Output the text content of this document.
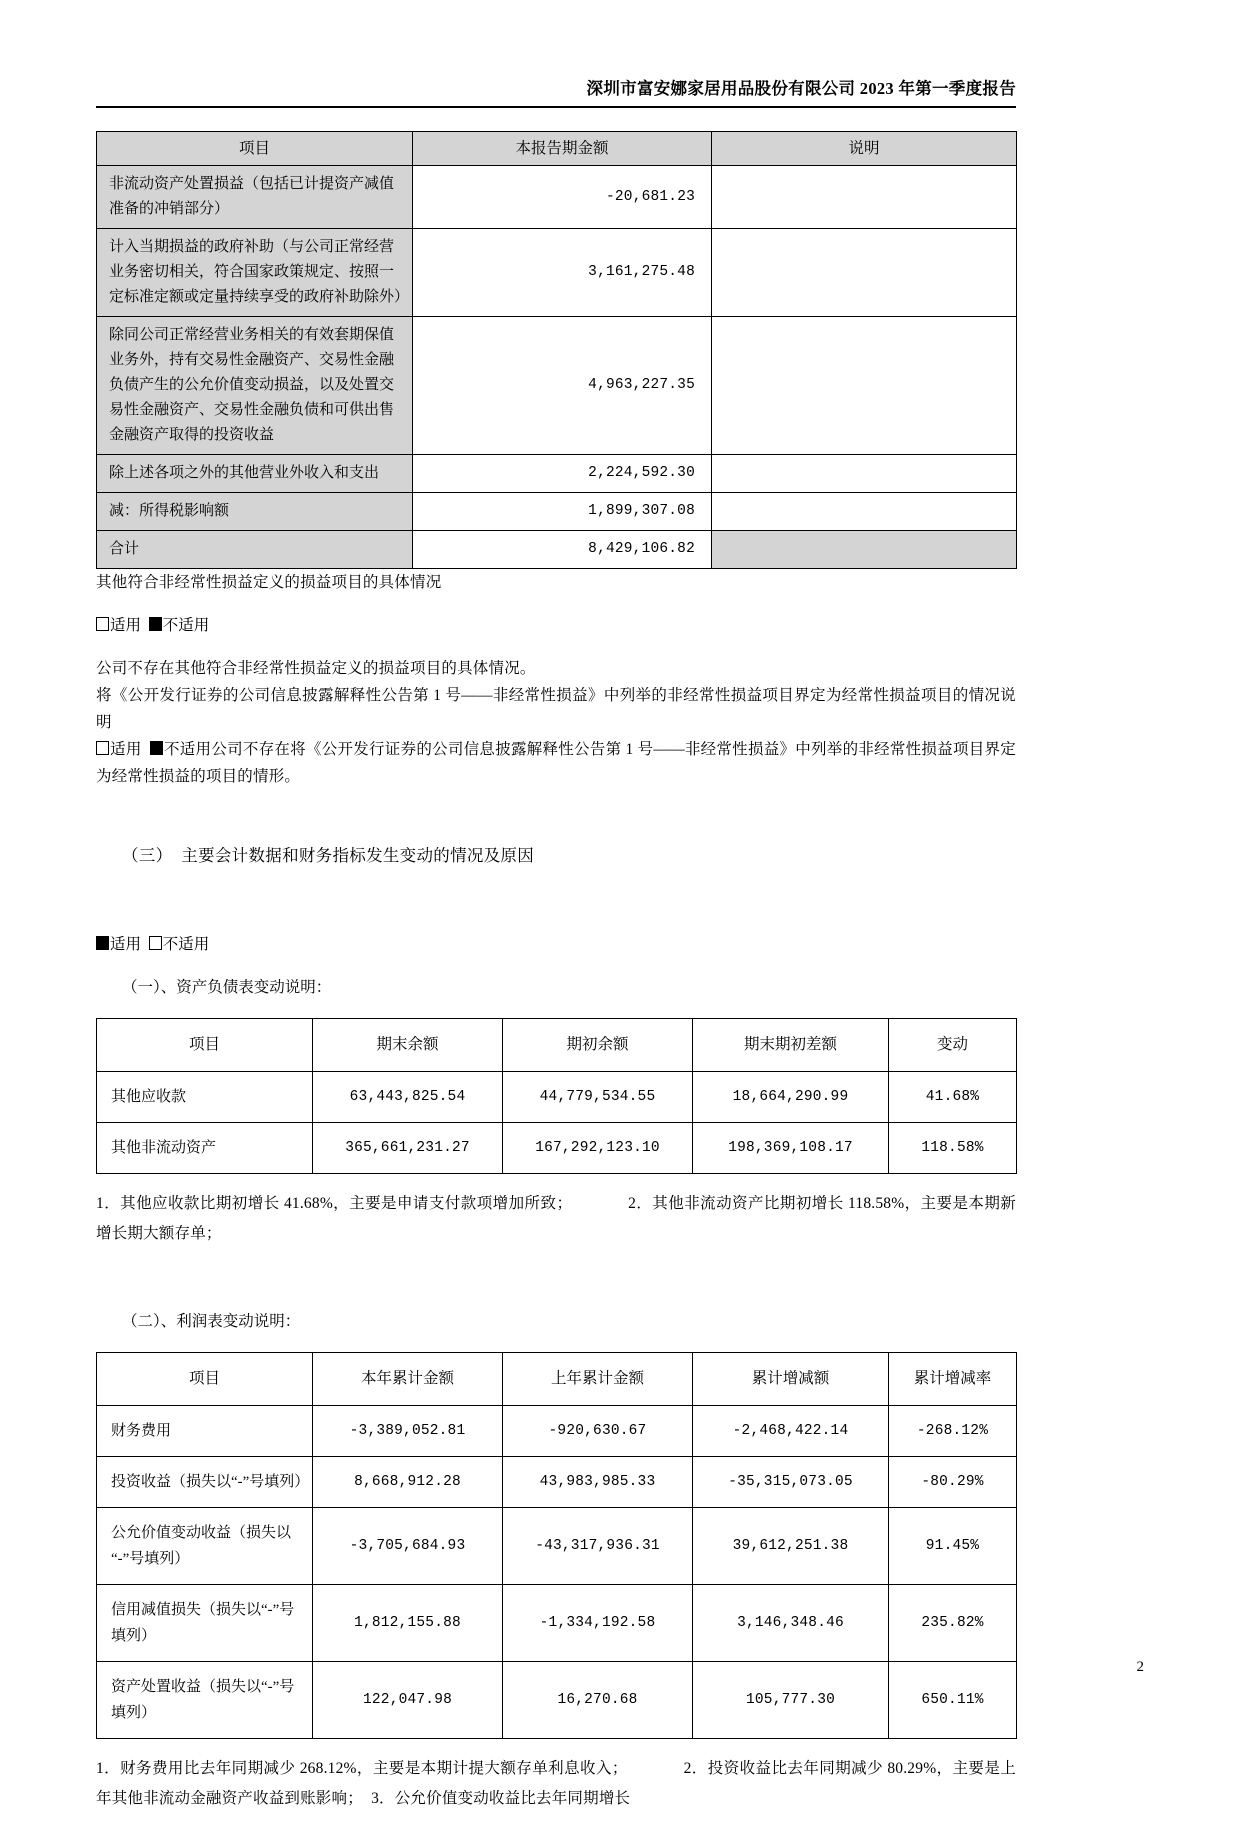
深圳市富安娜家居用品股份有限公司 2023 年第一季度报告
项目	本报告期金额	说明
非流动资产处置损益（包括已计提资产减值准备的冲销部分）	-20,681.23	
计入当期损益的政府补助（与公司正常经营业务密切相关，符合国家政策规定、按照一定标准定额或定量持续享受的政府补助除外）	3,161,275.48	
除同公司正常经营业务相关的有效套期保值业务外，持有交易性金融资产、交易性金融负债产生的公允价值变动损益，以及处置交易性金融资产、交易性金融负债和可供出售金融资产取得的投资收益	4,963,227.35	
除上述各项之外的其他营业外收入和支出	2,224,592.30	
减：所得税影响额	1,899,307.08	
合计	8,429,106.82	

其他符合非经常性损益定义的损益项目的具体情况

适用 不适用

公司不存在其他符合非经常性损益定义的损益项目的具体情况。

将《公开发行证券的公司信息披露解释性公告第 1 号——非经常性损益》中列举的非经常性损益项目界定为经常性损益项目的情况说明

适用 不适用公司不存在将《公开发行证券的公司信息披露解释性公告第 1 号——非经常性损益》中列举的非经常性损益项目界定为经常性损益的项目的情形。

（三） 主要会计数据和财务指标发生变动的情况及原因

适用 不适用

（一）、资产负债表变动说明：

项目	期末余额	期初余额	期末期初差额	变动
其他应收款	63,443,825.54	44,779,534.55	18,664,290.99	41.68%
其他非流动资产	365,661,231.27	167,292,123.10	198,369,108.17	118.58%

1．其他应收款比期初增长 41.68%，主要是申请支付款项增加所致；	2．其他非流动资产比期初增长 118.58%，主要是本期新增长期大额存单；

（二）、利润表变动说明：

项目	本年累计金额	上年累计金额	累计增减额	累计增减率
财务费用	-3,389,052.81	-920,630.67	-2,468,422.14	-268.12%
投资收益（损失以“-”号填列）	8,668,912.28	43,983,985.33	-35,315,073.05	-80.29%
公允价值变动收益（损失以“-”号填列）	-3,705,684.93	-43,317,936.31	39,612,251.38	91.45%
信用减值损失（损失以“-”号填列）	1,812,155.88	-1,334,192.58	3,146,348.46	235.82%
资产处置收益（损失以“-”号填列）	122,047.98	16,270.68	105,777.30	650.11%

1．财务费用比去年同期减少 268.12%，主要是本期计提大额存单利息收入；	2．投资收益比去年同期减少 80.29%，主要是上年其他非流动金融资产收益到账影响； 3．公允价值变动收益比去年同期增长

2
